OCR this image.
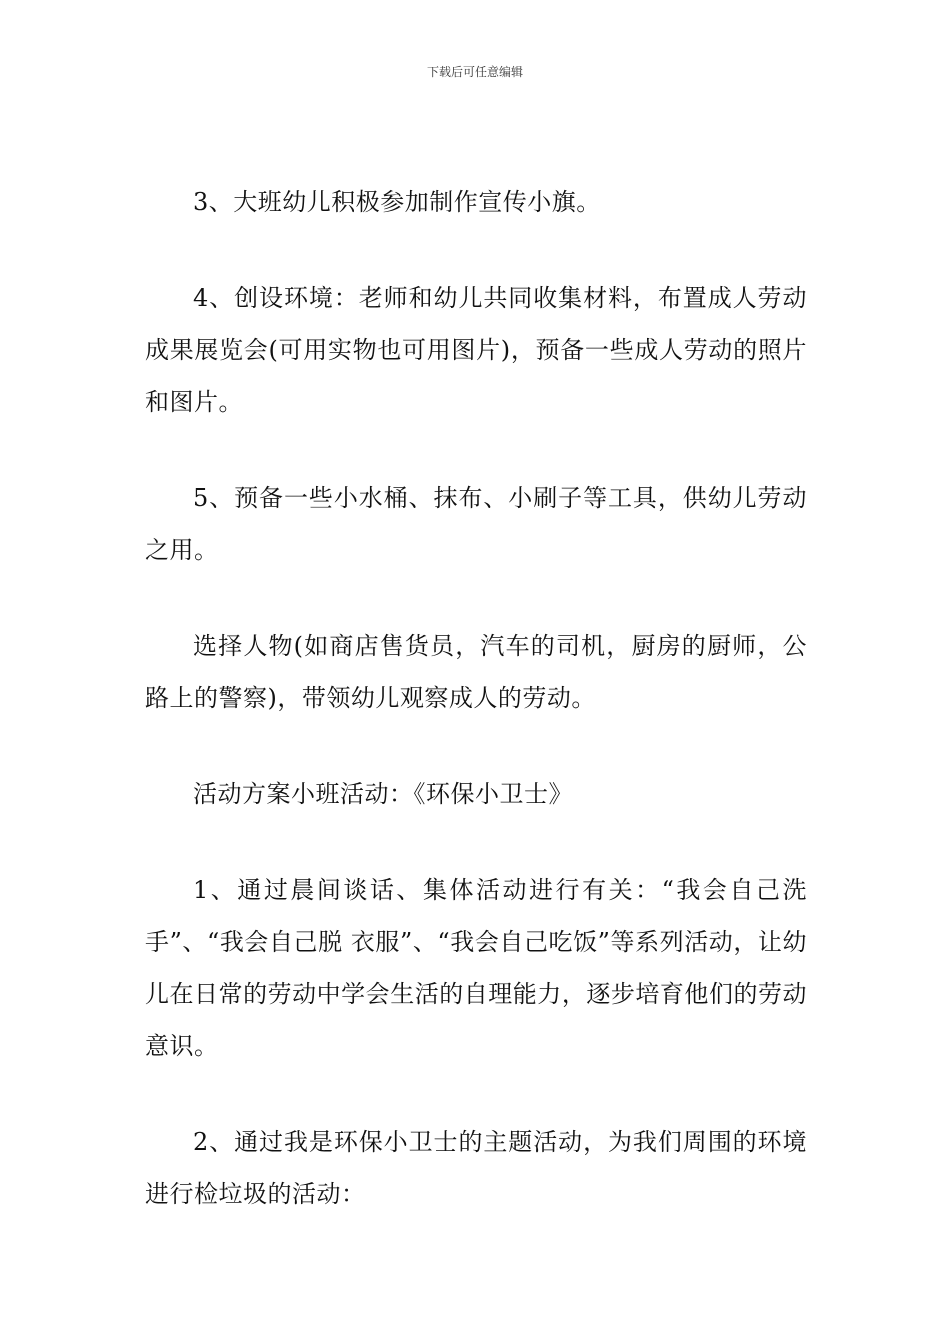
下载后可任意编辑

3、大班幼儿积极参加制作宣传小旗。

4、创设环境：老师和幼儿共同收集材料，布置成人劳动成果展览会(可用实物也可用图片)，预备一些成人劳动的照片和图片。

5、预备一些小水桶、抹布、小刷子等工具，供幼儿劳动之用。

选择人物(如商店售货员，汽车的司机，厨房的厨师，公路上的警察)，带领幼儿观察成人的劳动。

活动方案小班活动：《环保小卫士》

1、通过晨间谈话、集体活动进行有关：“我会自己洗手”、“我会自己脱 衣服”、“我会自己吃饭”等系列活动，让幼儿在日常的劳动中学会生活的自理能力，逐步培育他们的劳动意识。

2、通过我是环保小卫士的主题活动，为我们周围的环境进行检垃圾的活动：
